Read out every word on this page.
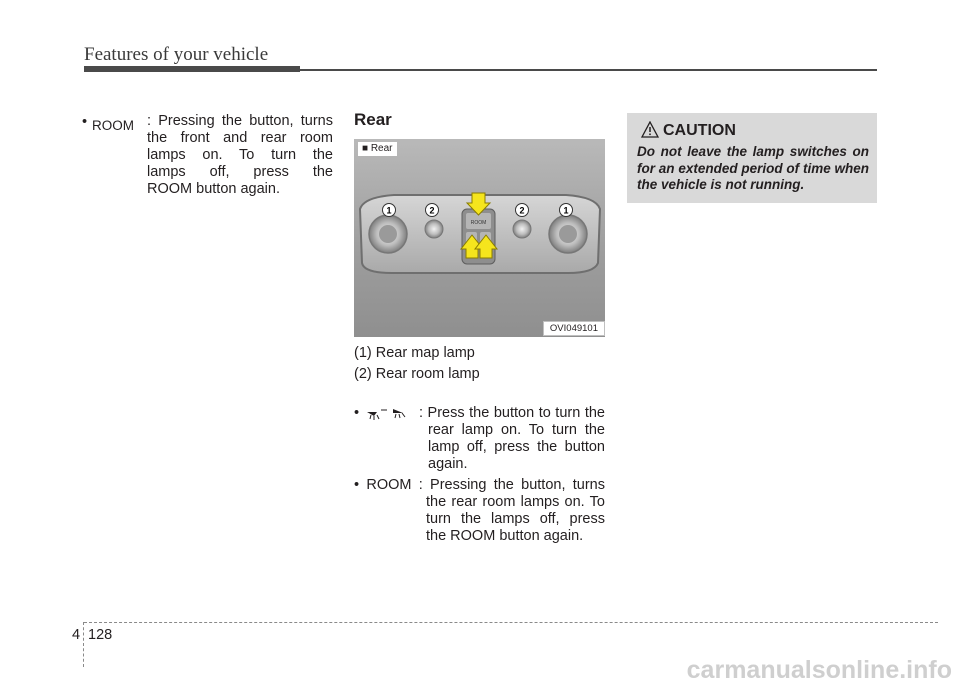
Features of your vehicle
• ROOM : Pressing the button, turns
the front and rear room
lamps on. To turn the
lamps off, press the
ROOM button again.
Rear
ROOM
1	2	2	1
■ Rear
OVI049101
(1) Rear map lamp
(2) Rear room lamp
•	: Press the button to turn the
rear lamp on. To turn the
lamp off, press the button
again.
• ROOM : Pressing the button, turns
the rear room lamps on. To
turn the lamps off, press
the ROOM button again.
CAUTION
Do not leave the lamp switches on for an extended period of time when the vehicle is not running.
4 128
carmanualsonline.info
